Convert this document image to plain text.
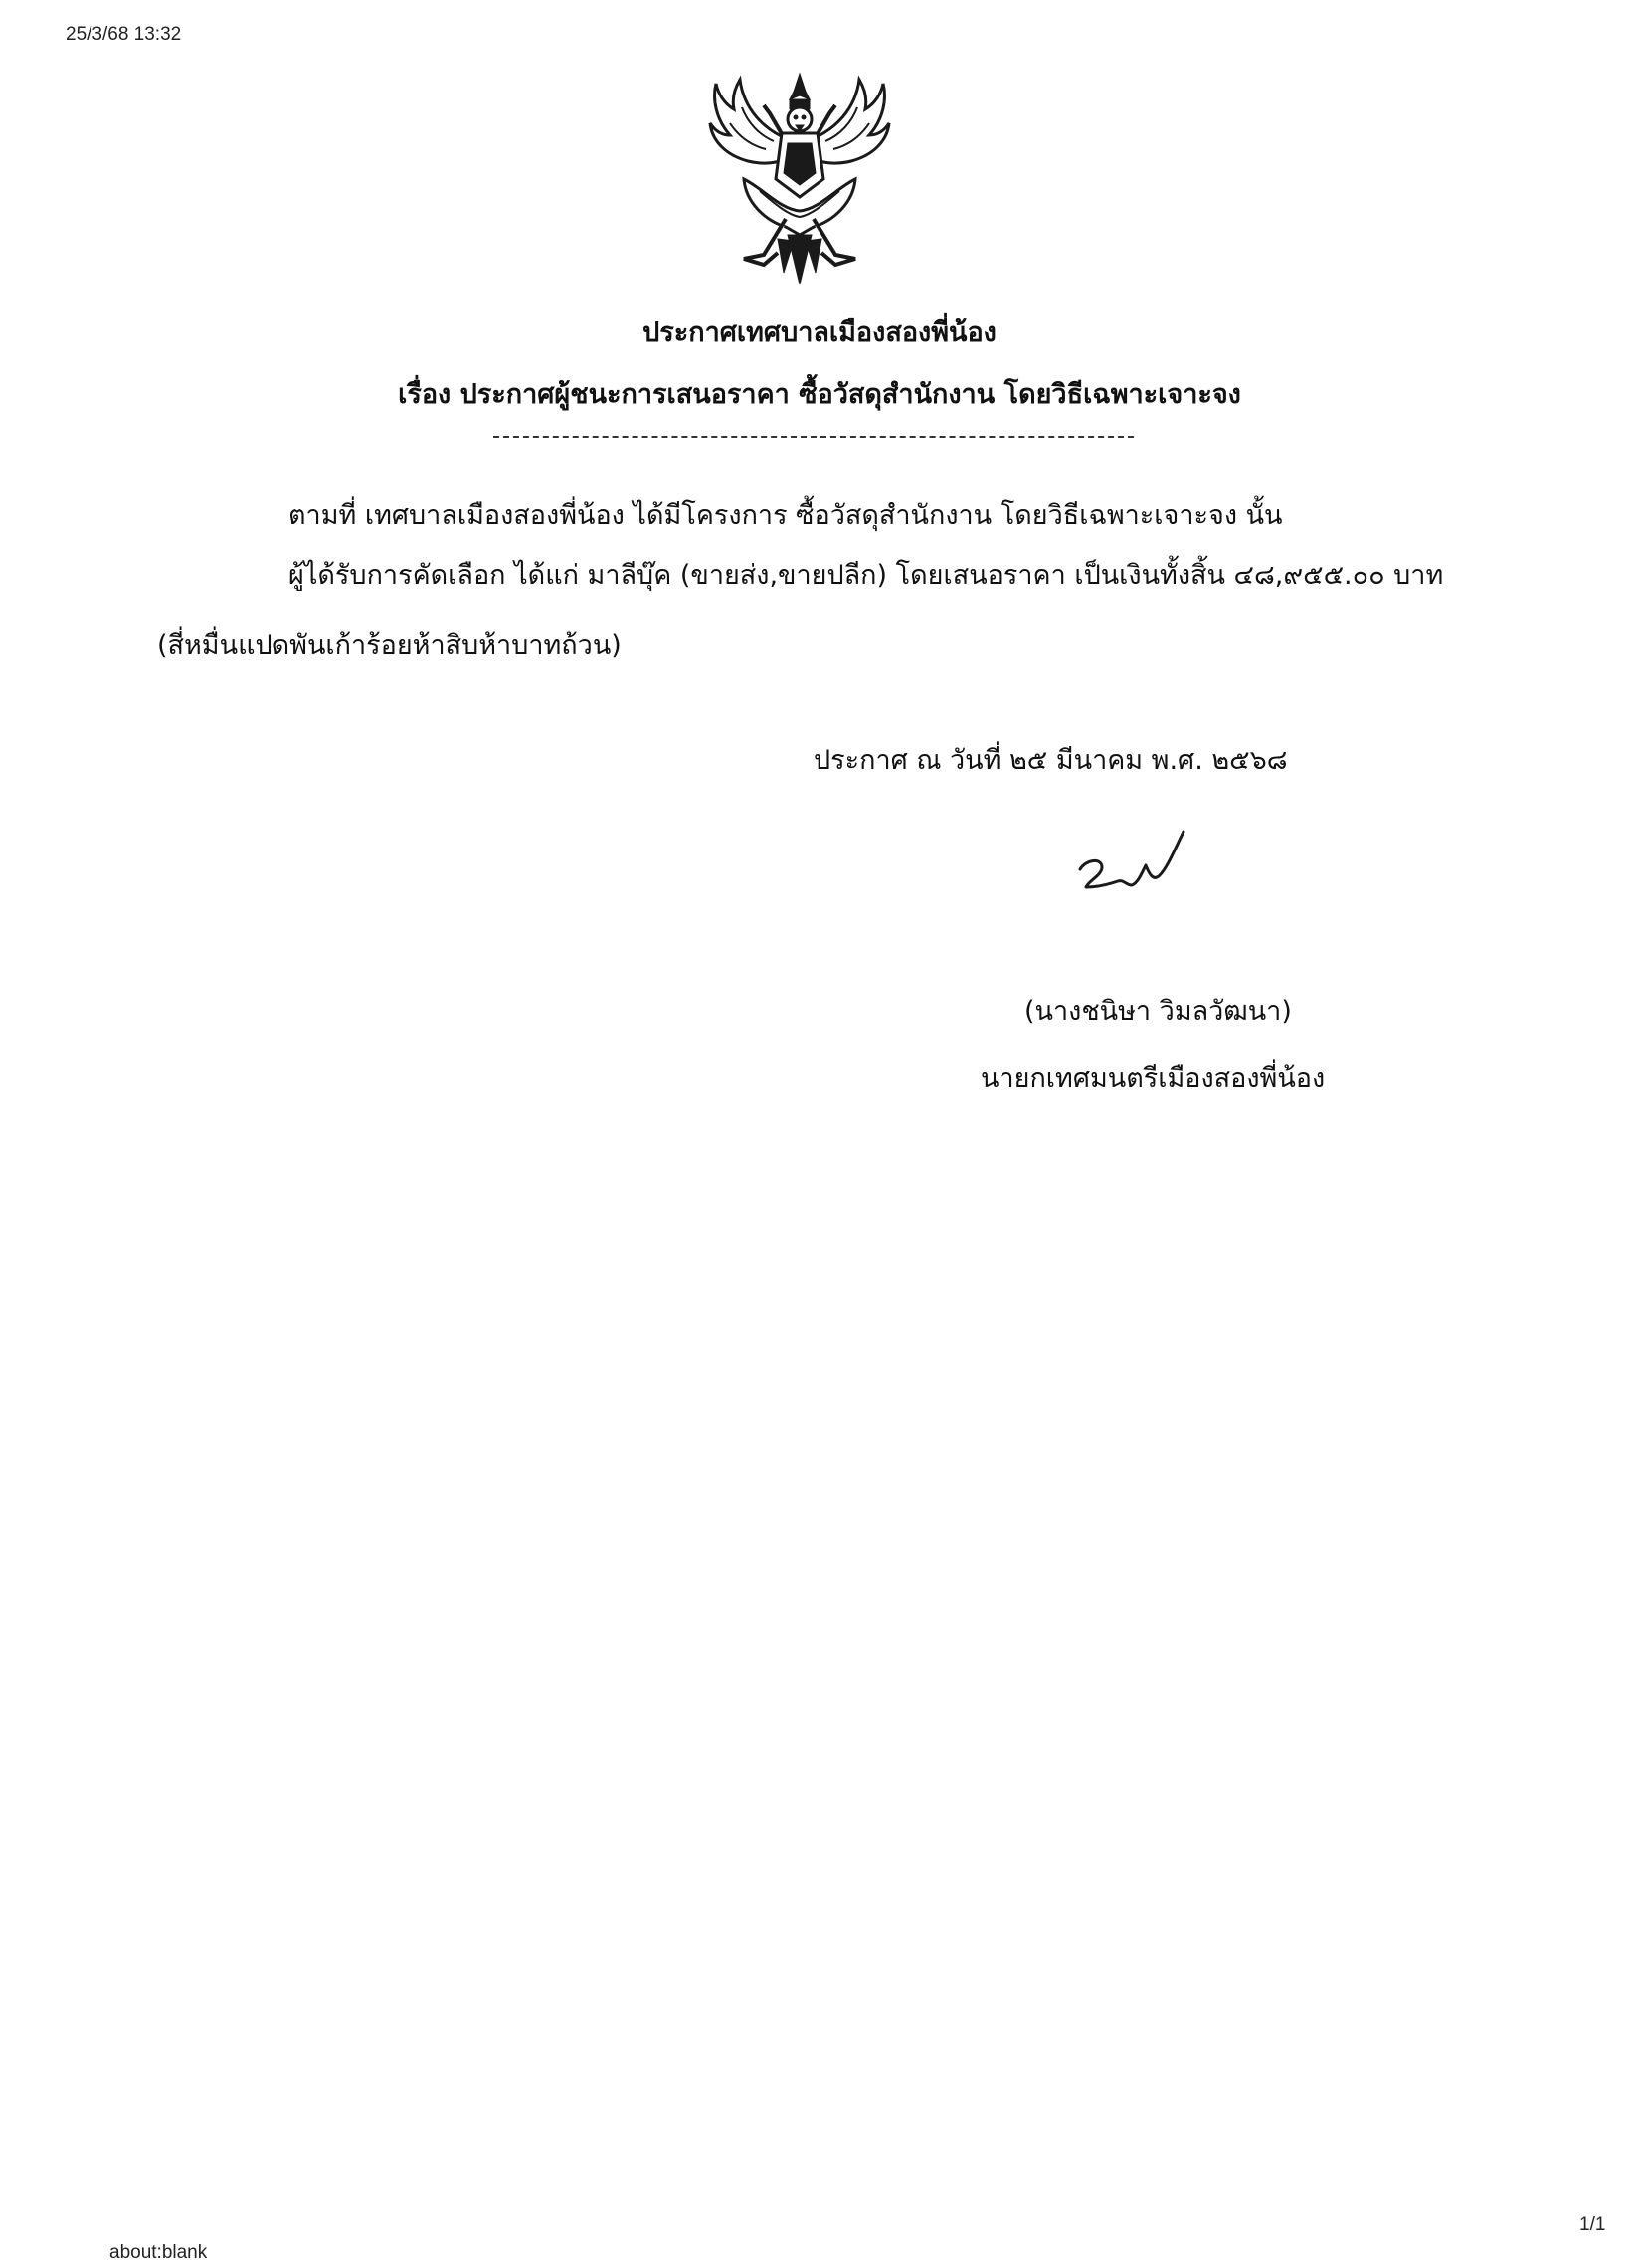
25/3/68 13:32
ประกาศเทศบาลเมืองสองพี่น้อง
เรื่อง ประกาศผู้ชนะการเสนอราคา ซื้อวัสดุสำนักงาน โดยวิธีเฉพาะเจาะจง
ตามที่ เทศบาลเมืองสองพี่น้อง ได้มีโครงการ ซื้อวัสดุสำนักงาน โดยวิธีเฉพาะเจาะจง นั้น
ผู้ได้รับการคัดเลือก ได้แก่ มาลีบุ๊ค (ขายส่ง,ขายปลีก) โดยเสนอราคา เป็นเงินทั้งสิ้น ๔๘,๙๕๕.๐๐ บาท
(สี่หมื่นแปดพันเก้าร้อยห้าสิบห้าบาทถ้วน)
ประกาศ ณ วันที่ ๒๕ มีนาคม พ.ศ. ๒๕๖๘
(นางชนิษา วิมลวัฒนา)
นายกเทศมนตรีเมืองสองพี่น้อง
1/1
about:blank
